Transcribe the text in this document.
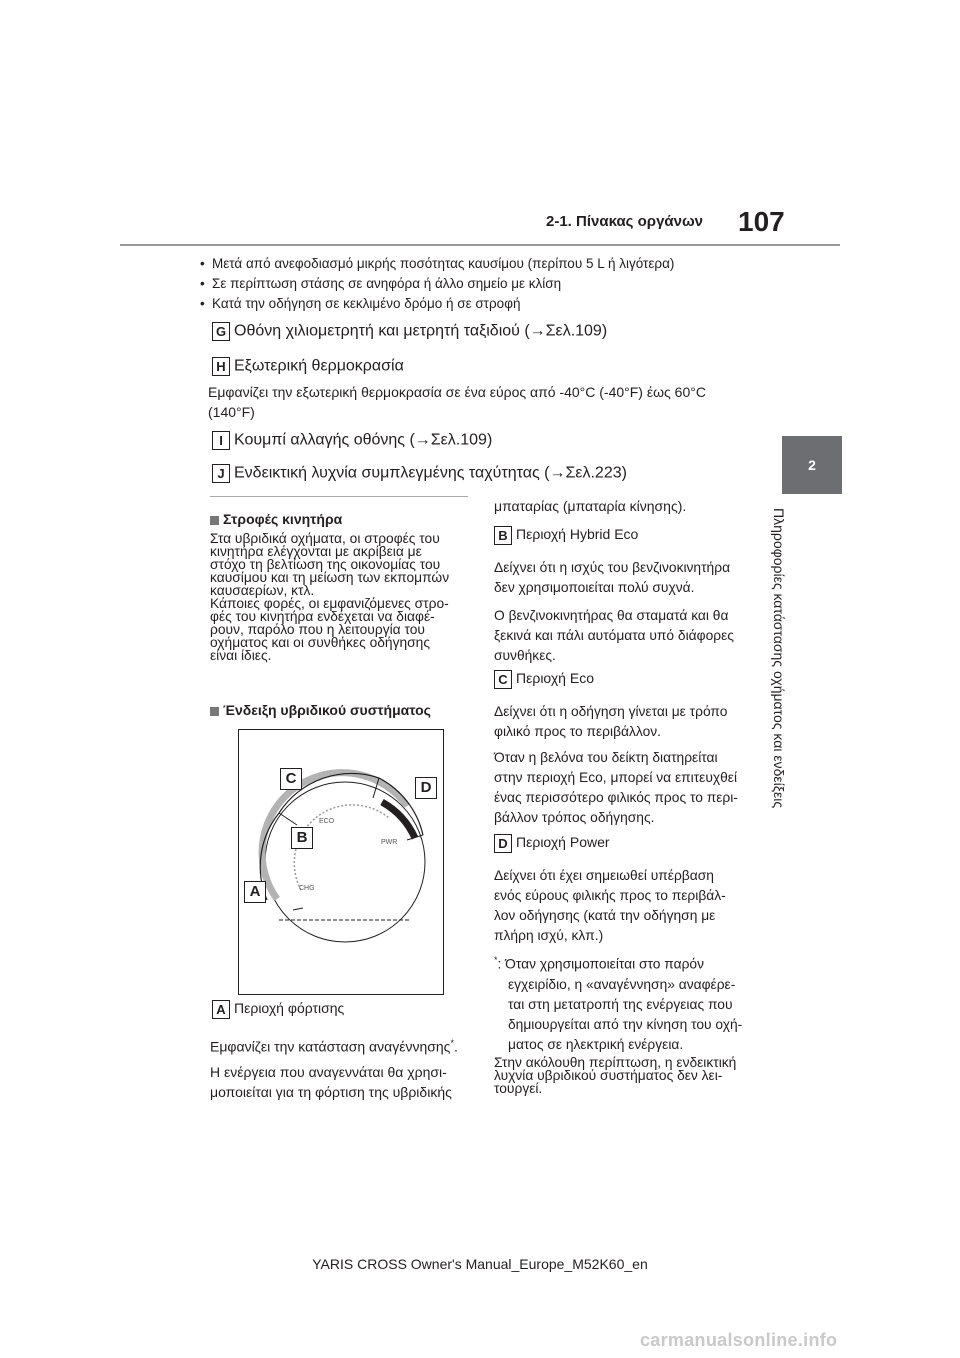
2-1. Πίνακας οργάνων 107
2
Πληροφορίες κατάστασης οχήματος και ενδείξεις
• Μετά από ανεφοδιασμό μικρής ποσότητας καυσίμου (περίπου 5 L ή λιγότερα)
• Σε περίπτωση στάσης σε ανηφόρα ή άλλο σημείο με κλίση
• Κατά την οδήγηση σε κεκλιμένο δρόμο ή σε στροφή
G Οθόνη χιλιομετρητή και μετρητή ταξιδιού (→Σελ.109)
H Εξωτερική θερμοκρασία
Εμφανίζει την εξωτερική θερμοκρασία σε ένα εύρος από -40°C (-40°F) έως 60°C
(140°F)
I Κουμπί αλλαγής οθόνης (→Σελ.109)
J Ενδεικτική λυχνία συμπλεγμένης ταχύτητας (→Σελ.223)
Στροφές κινητήρα
Στα υβριδικά οχήματα, οι στροφές του
κινητήρα ελέγχονται με ακρίβεια με
στόχο τη βελτίωση της οικονομίας του
καυσίμου και τη μείωση των εκπομπών
καυσαερίων, κτλ.
Κάποιες φορές, οι εμφανιζόμενες στρο-
φές του κινητήρα ενδέχεται να διαφέ-
ρουν, παρόλο που η λειτουργία του
οχήματος και οι συνθήκες οδήγησης
είναι ίδιες.
Ένδειξη υβριδικού συστήματος
ECO
PWR
CHG
C
D
B
A
A Περιοχή φόρτισης
Εμφανίζει την κατάσταση αναγέννησης*.
Η ενέργεια που αναγεννάται θα χρησι-
μοποιείται για τη φόρτιση της υβριδικής
μπαταρίας (μπαταρία κίνησης).
B Περιοχή Hybrid Eco
Δείχνει ότι η ισχύς του βενζινοκινητήρα
δεν χρησιμοποιείται πολύ συχνά.
Ο βενζινοκινητήρας θα σταματά και θα
ξεκινά και πάλι αυτόματα υπό διάφορες
συνθήκες.
C Περιοχή Eco
Δείχνει ότι η οδήγηση γίνεται με τρόπο
φιλικό προς το περιβάλλον.
Όταν η βελόνα του δείκτη διατηρείται
στην περιοχή Eco, μπορεί να επιτευχθεί
ένας περισσότερο φιλικός προς το περι-
βάλλον τρόπος οδήγησης.
D Περιοχή Power
Δείχνει ότι έχει σημειωθεί υπέρβαση
ενός εύρους φιλικής προς το περιβάλ-
λον οδήγησης (κατά την οδήγηση με
πλήρη ισχύ, κλπ.)
*: Όταν χρησιμοποιείται στο παρόν
εγχειρίδιο, η «αναγέννηση» αναφέρε-
ται στη μετατροπή της ενέργειας που
δημιουργείται από την κίνηση του οχή-
ματος σε ηλεκτρική ενέργεια.
Στην ακόλουθη περίπτωση, η ενδεικτική
λυχνία υβριδικού συστήματος δεν λει-
τουργεί.
YARIS CROSS Owner's Manual_Europe_M52K60_en
carmanualsonline.info
